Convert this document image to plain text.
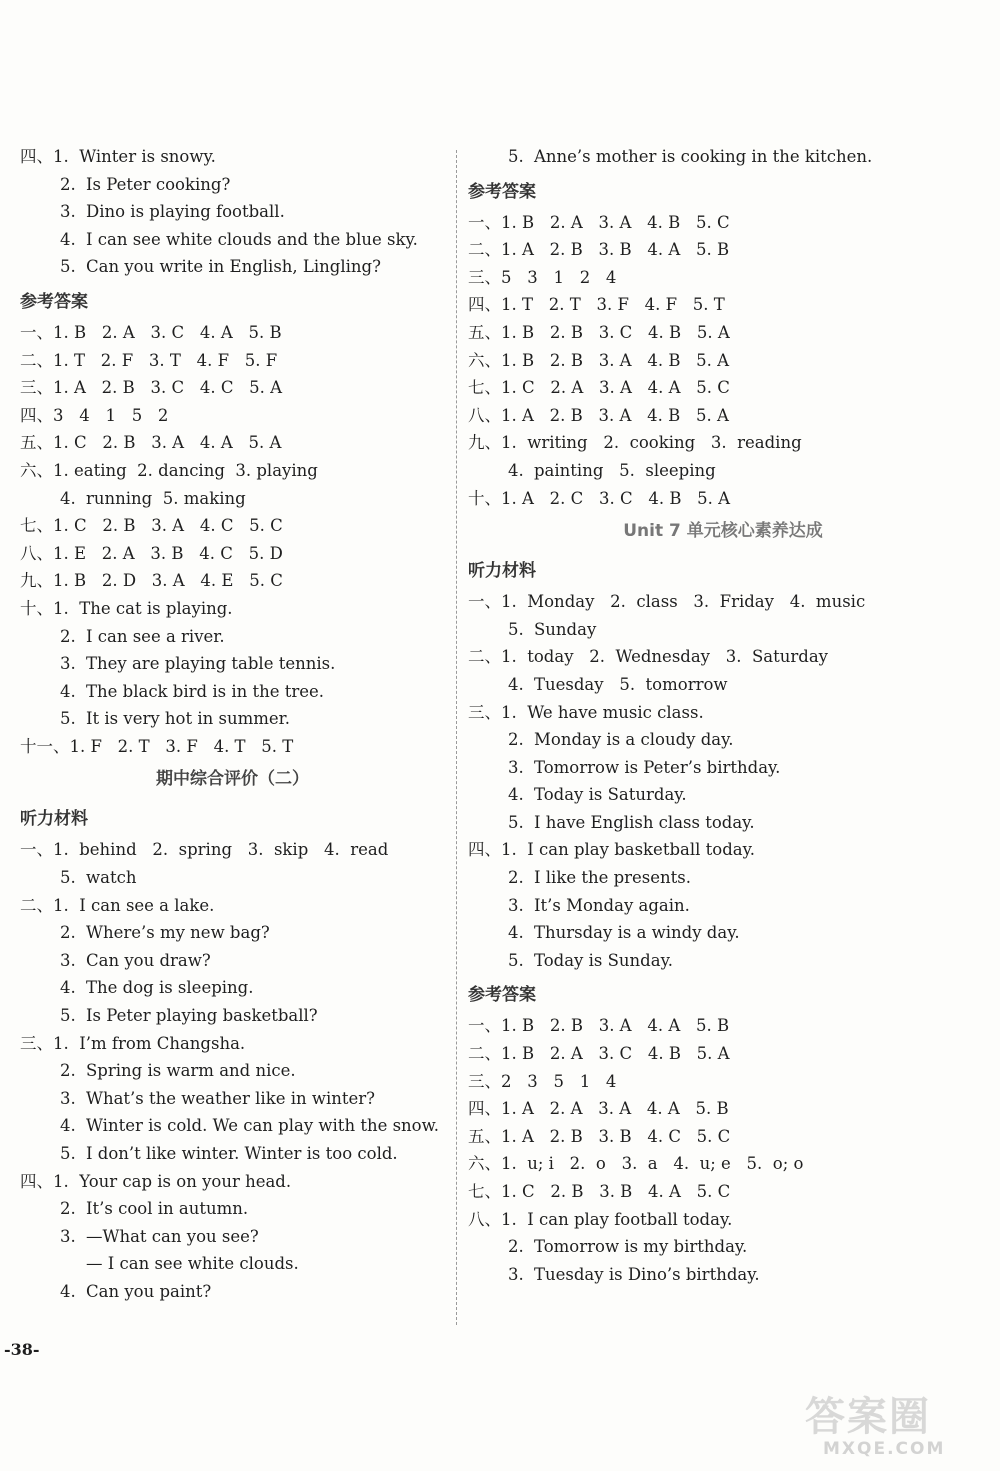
四、1.  Winter is snowy.
2. Is Peter cooking?
3. Dino is playing football.
4. I can see white clouds and the blue sky.
5. Can you write in English, Lingling?
参考答案
一、1. B   2. A   3. C   4. A   5. B
二、1. T   2. F   3. T   4. F   5. F
三、1. A   2. B   3. C   4. C   5. A
四、3   4   1   5   2
五、1. C   2. B   3. A   4. A   5. A
六、1. eating  2. dancing  3. playing
4. running  5. making
七、1. C   2. B   3. A   4. C   5. C
八、1. E   2. A   3. B   4. C   5. D
九、1. B   2. D   3. A   4. E   5. C
十、1.  The cat is playing.
2. I can see a river.
3. They are playing table tennis.
4. The black bird is in the tree.
5. It is very hot in summer.
十一、1. F   2. T   3. F   4. T   5. T
期中综合评价（二）
听力材料
一、1.  behind   2.  spring   3.  skip   4.  read
5. watch
二、1.  I can see a lake.
2. Where’s my new bag?
3. Can you draw?
4. The dog is sleeping.
5. Is Peter playing basketball?
三、1.  I’m from Changsha.
2. Spring is warm and nice.
3. What’s the weather like in winter?
4. Winter is cold. We can play with the snow.
5. I don’t like winter. Winter is too cold.
四、1.  Your cap is on your head.
2. It’s cool in autumn.
3. —What can you see?
— I can see white clouds.
4. Can you paint?
5. Anne’s mother is cooking in the kitchen.
参考答案
一、1. B   2. A   3. A   4. B   5. C
二、1. A   2. B   3. B   4. A   5. B
三、5   3   1   2   4
四、1. T   2. T   3. F   4. F   5. T
五、1. B   2. B   3. C   4. B   5. A
六、1. B   2. B   3. A   4. B   5. A
七、1. C   2. A   3. A   4. A   5. C
八、1. A   2. B   3. A   4. B   5. A
九、1.  writing   2.  cooking   3.  reading
4. painting   5.  sleeping
十、1. A   2. C   3. C   4. B   5. A
Unit 7 单元核心素养达成
听力材料
一、1.  Monday   2.  class   3.  Friday   4.  music
5. Sunday
二、1.  today   2.  Wednesday   3.  Saturday
4. Tuesday   5.  tomorrow
三、1.  We have music class.
2. Monday is a cloudy day.
3. Tomorrow is Peter’s birthday.
4. Today is Saturday.
5. I have English class today.
四、1.  I can play basketball today.
2. I like the presents.
3. It’s Monday again.
4. Thursday is a windy day.
5. Today is Sunday.
参考答案
一、1. B   2. B   3. A   4. A   5. B
二、1. B   2. A   3. C   4. B   5. A
三、2   3   5   1   4
四、1. A   2. A   3. A   4. A   5. B
五、1. A   2. B   3. B   4. C   5. C
六、1.  u; i   2.  o   3.  a   4.  u; e   5.  o; o
七、1. C   2. B   3. B   4. A   5. C
八、1.  I can play football today.
2. Tomorrow is my birthday.
3. Tuesday is Dino’s birthday.
-38-
答案圈
MXQE.COM
